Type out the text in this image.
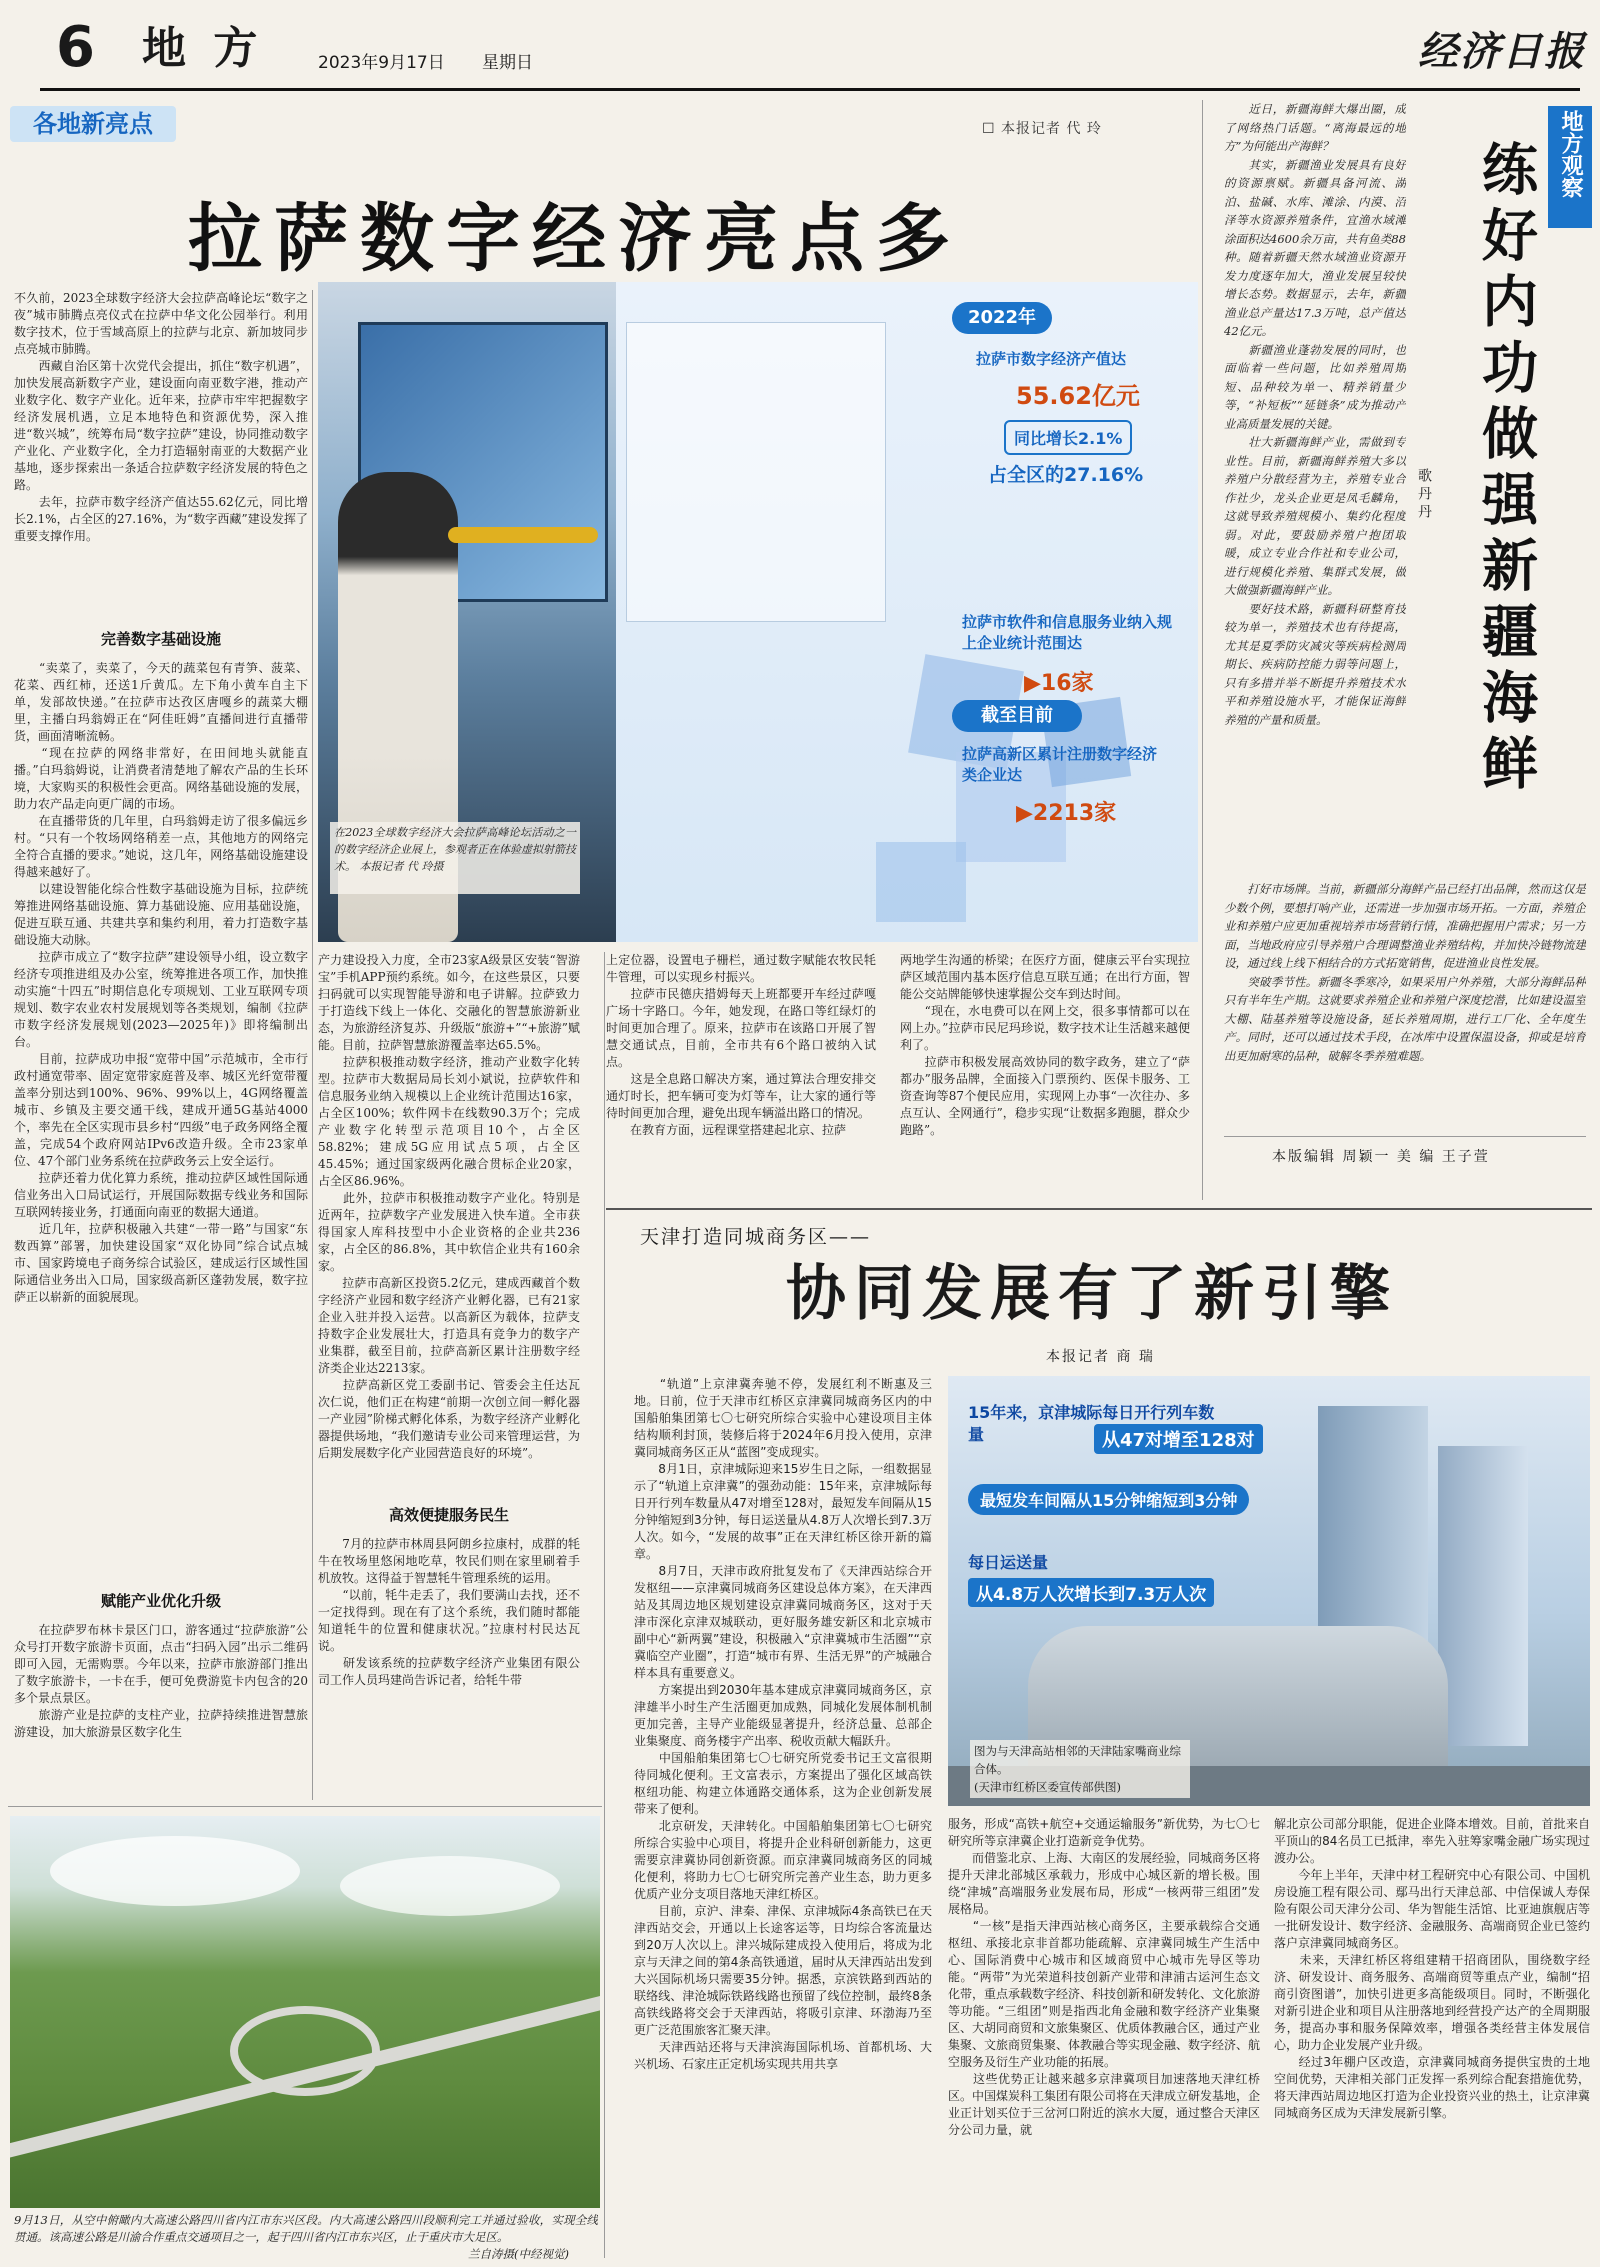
6 地 方	2023年9月17日 星期日	经济日报
各地新亮点	☐ 本报记者 代 玲
拉萨数字经济亮点多
不久前，2023全球数字经济大会拉萨高峰论坛“数字之夜”城市肺腾点亮仪式在拉萨中华文化公园举行。利用数字技术，位于雪域高原上的拉萨与北京、新加坡同步点亮城市肺腾。
　　西藏自治区第十次党代会提出，抓住“数字机遇”，加快发展高新数字产业，建设面向南亚数字港，推动产业数字化、数字产业化。近年来，拉萨市牢牢把握数字经济发展机遇，立足本地特色和资源优势，深入推进“数兴城”，统筹布局“数字拉萨”建设，协同推动数字产业化、产业数字化，全力打造辐射南亚的大数据产业基地，逐步探索出一条适合拉萨数字经济发展的特色之路。
　　去年，拉萨市数字经济产值达55.62亿元，同比增长2.1%，占全区的27.16%，为“数字西藏”建设发挥了重要支撑作用。
完善数字基础设施
　　“卖菜了，卖菜了，今天的蔬菜包有青笋、菠菜、花菜、西红柿，还送1斤黄瓜。左下角小黄车自主下单，发部故快递。”在拉萨市达孜区唐嘎乡的蔬菜大棚里，主播白玛翁姆正在“阿佳旺姆”直播间进行直播带货，画面清晰流畅。
　　“现在拉萨的网络非常好，在田间地头就能直播。”白玛翁姆说，让消费者清楚地了解农产品的生长环境，大家购买的积极性会更高。网络基础设施的发展，助力农产品走向更广阔的市场。
　　在直播带货的几年里，白玛翁姆走访了很多偏远乡村。“只有一个牧场网络稍差一点，其他地方的网络完全符合直播的要求。”她说，这几年，网络基础设施建设得越来越好了。
　　以建设智能化综合性数字基础设施为目标，拉萨统筹推进网络基础设施、算力基础设施、应用基础设施，促进互联互通、共建共享和集约利用，着力打造数字基础设施大动脉。
　　拉萨市成立了“数字拉萨”建设领导小组，设立数字经济专项推进组及办公室，统筹推进各项工作，加快推动实施“十四五”时期信息化专项规划、工业互联网专项规划、数字农业农村发展规划等各类规划，编制《拉萨市数字经济发展规划(2023—2025年)》即将编制出台。
　　目前，拉萨成功申报“宽带中国”示范城市，全市行政村通宽带率、固定宽带家庭普及率、城区光纤宽带覆盖率分别达到100%、96%、99%以上，4G网络覆盖城市、乡镇及主要交通干线，建成开通5G基站4000个，率先在全区实现市县乡村“四级”电子政务网络全覆盖，完成54个政府网站IPv6改造升级。全市23家单位、47个部门业务系统在拉萨政务云上安全运行。
　　拉萨还着力优化算力系统，推动拉萨区域性国际通信业务出入口局试运行，开展国际数据专线业务和国际互联网转接业务，打通面向南亚的数据大通道。
　　近几年，拉萨积极融入共建“一带一路”与国家“东数西算”部署，加快建设国家“双化协同”综合试点城市、国家跨境电子商务综合试验区，建成运行区域性国际通信业务出入口局，国家级高新区蓬勃发展，数字拉萨正以崭新的面貌展现。
赋能产业优化升级
　　在拉萨罗布林卡景区门口，游客通过“拉萨旅游”公众号打开数字旅游卡页面，点击“扫码入园”出示二维码即可入园，无需购票。今年以来，拉萨市旅游部门推出了数字旅游卡，一卡在手，便可免费游览卡内包含的20多个景点景区。
　　旅游产业是拉萨的支柱产业，拉萨持续推进智慧旅游建设，加大旅游景区数字化生
2022年
拉萨市数字经济产值达
55.62亿元
同比增长2.1%
占全区的27.16%
拉萨市软件和信息服务业纳入规上企业统计范围达
▶16家
截至目前
拉萨高新区累计注册数字经济类企业达
▶2213家
在2023全球数字经济大会拉萨高峰论坛活动之一的数字经济企业展上，参观者正在体验虚拟射箭技术。 本报记者 代 玲摄
产力建设投入力度，全市23家A级景区安装“智游宝”手机APP预约系统。如今，在这些景区，只要扫码就可以实现智能导游和电子讲解。拉萨致力于打造线下线上一体化、交融化的智慧旅游新业态，为旅游经济复苏、升级版“旅游+”“+旅游”赋能。目前，拉萨智慧旅游覆盖率达65.5%。
　　拉萨积极推动数字经济，推动产业数字化转型。拉萨市大数据局局长刘小斌说，拉萨软件和信息服务业纳入规模以上企业统计范围达16家，占全区100%；软件网卡在线数90.3万个；完成产业数字化转型示范项目10个，占全区58.82%；建成5G应用试点5项，占全区45.45%；通过国家级两化融合贯标企业20家，占全区86.96%。
　　此外，拉萨市积极推动数字产业化。特别是近两年，拉萨数字产业发展进入快车道。全市获得国家人库科技型中小企业资格的企业共236家，占全区的86.8%，其中软信企业共有160余家。
　　拉萨市高新区投资5.2亿元，建成西藏首个数字经济产业园和数字经济产业孵化器，已有21家企业入驻并投入运营。以高新区为载体，拉萨支持数字企业发展壮大，打造具有竞争力的数字产业集群，截至目前，拉萨高新区累计注册数字经济类企业达2213家。
　　拉萨高新区党工委副书记、管委会主任达瓦次仁说，他们正在构建“前期一次创立间一孵化器一产业园”阶梯式孵化体系，为数字经济产业孵化器提供场地，“我们邀请专业公司来管理运营，为后期发展数字化产业园营造良好的环境”。
高效便捷服务民生
　　7月的拉萨市林周县阿朗乡拉康村，成群的牦牛在牧场里悠闲地吃草，牧民们则在家里刷着手机放牧。这得益于智慧牦牛管理系统的运用。
　　“以前，牦牛走丢了，我们要满山去找，还不一定找得到。现在有了这个系统，我们随时都能知道牦牛的位置和健康状况。”拉康村村民达瓦说。
　　研发该系统的拉萨数字经济产业集团有限公司工作人员玛建尚告诉记者，给牦牛带
上定位器，设置电子栅栏，通过数字赋能农牧民牦牛管理，可以实现乡村振兴。
　　拉萨市民德庆措姆每天上班都要开车经过萨嘎广场十字路口。今年，她发现，在路口等红绿灯的时间更加合理了。原来，拉萨市在该路口开展了智慧交通试点，目前，全市共有6个路口被纳入试点。
　　这是全息路口解决方案，通过算法合理安排交通灯时长，把车辆可变为灯等车，让大家的通行等待时间更加合理，避免出现车辆溢出路口的情况。
　　在教育方面，远程课堂搭建起北京、拉萨
两地学生沟通的桥梁；在医疗方面，健康云平台实现拉萨区域范围内基本医疗信息互联互通；在出行方面，智能公交站牌能够快速掌握公交车到达时间。
　　“现在，水电费可以在网上交，很多事情都可以在网上办。”拉萨市民尼玛珍说，数字技术让生活越来越便利了。
　　拉萨市积极发展高效协同的数字政务，建立了“萨都办”服务品牌，全面接入门票预约、医保卡服务、工资查询等87个便民应用，实现网上办事“一次往办、多点互认、全网通行”，稳步实现“让数据多跑腿，群众少跑路”。
地方观察
练好内功做强新疆海鲜
歌丹丹
　　近日，新疆海鲜大爆出圈，成了网络热门话题。“离海最远的地方”为何能出产海鲜？
　　其实，新疆渔业发展具有良好的资源禀赋。新疆具备河流、湖泊、盐碱、水库、滩涂、内漠、沼泽等水资源养殖条件，宜渔水域滩涂面积达4600余万亩，共有鱼类88种。随着新疆天然水域渔业资源开发力度逐年加大，渔业发展呈较快增长态势。数据显示，去年，新疆渔业总产量达17.3万吨，总产值达42亿元。
　　新疆渔业蓬勃发展的同时，也面临着一些问题，比如养殖周期短、品种较为单一、精养销量少等，“补短板”“延链条”成为推动产业高质量发展的关键。
　　壮大新疆海鲜产业，需做到专业性。目前，新疆海鲜养殖大多以养殖户分散经营为主，养殖专业合作社少，龙头企业更是凤毛麟角，这就导致养殖规模小、集约化程度弱。对此，要鼓励养殖户抱团取暖，成立专业合作社和专业公司，进行规模化养殖、集群式发展，做大做强新疆海鲜产业。
　　要好技术路，新疆科研整育技较为单一，养殖技术也有待提高，尤其是夏季防灾减灾等疾病检测周期长、疾病防控能力弱等问题上，只有多措并举不断提升养殖技术水平和养殖设施水平，才能保证海鲜养殖的产量和质量。
　　打好市场牌。当前，新疆部分海鲜产品已经打出品牌，然而这仅是少数个例，要想打响产业，还需进一步加强市场开拓。一方面，养殖企业和养殖户应更加重视培养市场营销行情，准确把握用户需求；另一方面，当地政府应引导养殖户合理调整渔业养殖结构，并加快冷链物流建设，通过线上线下相结合的方式拓宽销售，促进渔业良性发展。
　　突破季节性。新疆冬季寒冷，如果采用户外养殖，大部分海鲜品种只有半年生产期。这就要求养殖企业和养殖户深度挖潜，比如建设温室大棚、陆基养殖等设施设备，延长养殖周期，进行工厂化、全年度生产。同时，还可以通过技术手段，在冰库中设置保温设备，抑或是培育出更加耐寒的品种，破解冬季养殖难题。
本版编辑 周颖一 美 编 王子萱
天津打造同城商务区——
协同发展有了新引擎
本报记者 商 瑞
　　“轨道”上京津冀奔驰不停，发展红利不断惠及三地。日前，位于天津市红桥区京津冀同城商务区内的中国船舶集团第七〇七研究所综合实验中心建设项目主体结构顺利封顶，装修后将于2024年6月投入使用，京津冀同城商务区正从“蓝图”变成现实。
　　8月1日，京津城际迎来15岁生日之际，一组数据显示了“轨道上京津冀”的强劲动能：15年来，京津城际每日开行列车数量从47对增至128对，最短发车间隔从15分钟缩短到3分钟，每日运送量从4.8万人次增长到7.3万人次。如今，“发展的故事”正在天津红桥区徐开新的篇章。
　　8月7日，天津市政府批复发布了《天津西站综合开发枢纽——京津冀同城商务区建设总体方案》，在天津西站及其周边地区规划建设京津冀同城商务区，这对于天津市深化京津双城联动，更好服务雄安新区和北京城市副中心“新两翼”建设，积极融入“京津冀城市生活圈”“京冀临空产业圈”，打造“城市有界、生活无界”的产城融合样本具有重要意义。
　　方案提出到2030年基本建成京津冀同城商务区，京津雄半小时生产生活圈更加成熟，同城化发展体制机制更加完善，主导产业能级显著提升，经济总量、总部企业集聚度、商务楼宇产出率、税收贡献大幅跃升。
　　中国船舶集团第七〇七研究所党委书记王文富很期待同城化便利。王文富表示，方案提出了强化区域高铁枢纽功能、构建立体通路交通体系，这为企业创新发展带来了便利。
　　北京研发，天津转化。中国船舶集团第七〇七研究所综合实验中心项目，将提升企业科研创新能力，这更需要京津冀协同创新资源。而京津冀同城商务区的同城化便利，将助力七〇七研究所完善产业生态，助力更多优质产业分支项目落地天津红桥区。
　　目前，京沪、津秦、津保、京津城际4条高铁已在天津西站交会，开通以上长途客运等，日均综合客流量达到20万人次以上。津兴城际建成投入使用后，将成为北京与天津之间的第4条高铁通道，届时从天津西站出发到大兴国际机场只需要35分钟。据悉，京滨铁路到西站的联络线、津沧城际铁路线路也预留了线位控制，最终8条高铁线路将交会于天津西站，将吸引京津、环渤海乃至更广泛范围旅客汇聚天津。
　　天津西站还将与天津滨海国际机场、首都机场、大兴机场、石家庄正定机场实现共用共享
15年来，京津城际每日开行列车数量	从47对增至128对
最短发车间隔从15分钟缩短到3分钟
每日运送量
从4.8万人次增长到7.3万人次
图为与天津高站相邻的天津陆家嘴商业综合体。
(天津市红桥区委宣传部供图)
服务，形成“高铁+航空+交通运输服务”新优势，为七〇七研究所等京津冀企业打造新竞争优势。
　　而借鉴北京、上海、大南区的发展经验，同城商务区将提升天津北部城区承载力，形成中心城区新的增长极。围绕“津城”高端服务业发展布局，形成“一核两带三组团”发展格局。
　　“一核”是指天津西站核心商务区，主要承载综合交通枢纽、承接北京非首都功能疏解、京津冀同城生产生活中心、国际消费中心城市和区域商贸中心城市先导区等功能。“两带”为光荣道科技创新产业带和津浦古运河生态文化带，重点承载数字经济、科技创新和研发转化、文化旅游等功能。“三组团”则是指西北角金融和数字经济产业集聚区、大胡同商贸和文旅集聚区、优质体教融合区，通过产业集聚、文旅商贸集聚、体教融合等实现金融、数字经济、航空服务及衍生产业功能的拓展。
　　这些优势正让越来越多京津冀项目加速落地天津红桥区。中国煤炭科工集团有限公司将在天津成立研发基地，企业正计划买位于三岔河口附近的滨水大厦，通过整合天津区分公司力量，就
解北京公司部分职能，促进企业降本增效。目前，首批来自平顶山的84名员工已抵津，率先入驻筹家嘴金融广场实现过渡办公。
　　今年上半年，天津中材工程研究中心有限公司、中国机房设施工程有限公司、鄢马出行天津总部、中信保诚人寿保险有限公司天津分公司、华为智能生活馆、比亚迪旗舰店等一批研发设计、数字经济、金融服务、高端商贸企业已签约落户京津冀同城商务区。
　　未来，天津红桥区将组建精干招商团队，围绕数字经济、研发设计、商务服务、高端商贸等重点产业，编制“招商引资图谱”，加快引进更多高能级项目。同时，不断强化对新引进企业和项目从注册落地到经营投产达产的全周期服务，提高办事和服务保障效率，增强各类经营主体发展信心，助力企业发展产业升级。
　　经过3年棚户区改造，京津冀同城商务提供宝贵的土地空间优势，天津相关部门正发挥一系列综合配套措施优势，将天津西站周边地区打造为企业投资兴业的热土，让京津冀同城商务区成为天津发展新引擎。
9月13日，从空中俯瞰内大高速公路四川省内江市东兴区段。内大高速公路四川段顺利完工并通过验收，实现全线贯通。该高速公路是川渝合作重点交通项目之一，起于四川省内江市东兴区，止于重庆市大足区。
兰自涛摄(中经视觉)
